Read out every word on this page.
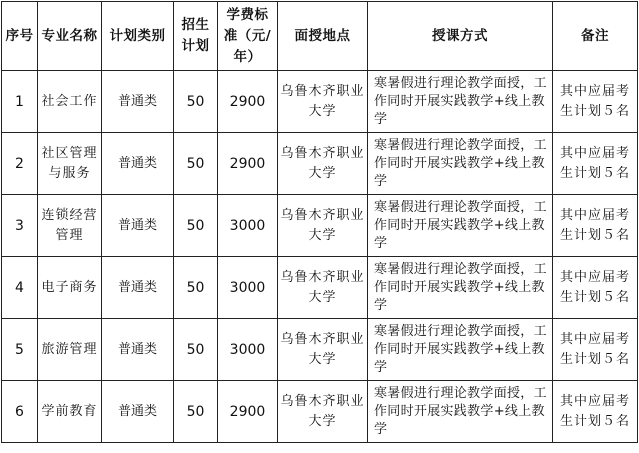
序号	专业名称	计划类别	招生计划	学费标准（元/年）	面授地点	授课方式	备注
1	社会工作	普通类	50	2900	乌鲁木齐职业大学	寒暑假进行理论教学面授，工作同时开展实践教学+线上教学	其中应届考生计划５名
2	社区管理与服务	普通类	50	2900	乌鲁木齐职业大学	寒暑假进行理论教学面授，工作同时开展实践教学+线上教学	其中应届考生计划５名
3	连锁经营管理	普通类	50	3000	乌鲁木齐职业大学	寒暑假进行理论教学面授，工作同时开展实践教学+线上教学	其中应届考生计划５名
4	电子商务	普通类	50	3000	乌鲁木齐职业大学	寒暑假进行理论教学面授，工作同时开展实践教学+线上教学	其中应届考生计划５名
5	旅游管理	普通类	50	3000	乌鲁木齐职业大学	寒暑假进行理论教学面授，工作同时开展实践教学+线上教学	其中应届考生计划５名
6	学前教育	普通类	50	2900	乌鲁木齐职业大学	寒暑假进行理论教学面授，工作同时开展实践教学+线上教学	其中应届考生计划５名
